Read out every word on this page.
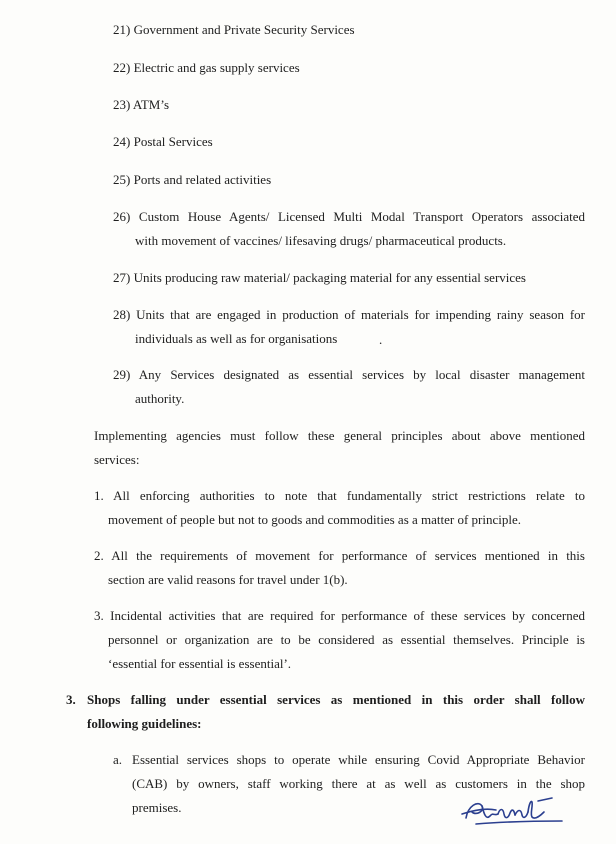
21) Government and Private Security Services
22) Electric and gas supply services
23) ATM’s
24) Postal Services
25) Ports and related activities
26) Custom House Agents/ Licensed Multi Modal Transport Operators associated
with movement of vaccines/ lifesaving drugs/ pharmaceutical products.
27) Units producing raw material/ packaging material for any essential services
28) Units that are engaged in production of materials for impending rainy season for
individuals as well as for organisations	.
29) Any Services designated as essential services by local disaster management
authority.
Implementing agencies must follow these general principles about above mentioned
services:
1. All enforcing authorities to note that fundamentally strict restrictions relate to
movement of people but not to goods and commodities as a matter of principle.
2. All the requirements of movement for performance of services mentioned in this
section are valid reasons for travel under 1(b).
3. Incidental activities that are required for performance of these services by concerned
personnel or organization are to be considered as essential themselves. Principle is
‘essential for essential is essential’.
3. Shops falling under essential services as mentioned in this order shall follow
following guidelines:
a. Essential services shops to operate while ensuring Covid Appropriate Behavior
(CAB) by owners, staff working there at as well as customers in the shop
premises.
